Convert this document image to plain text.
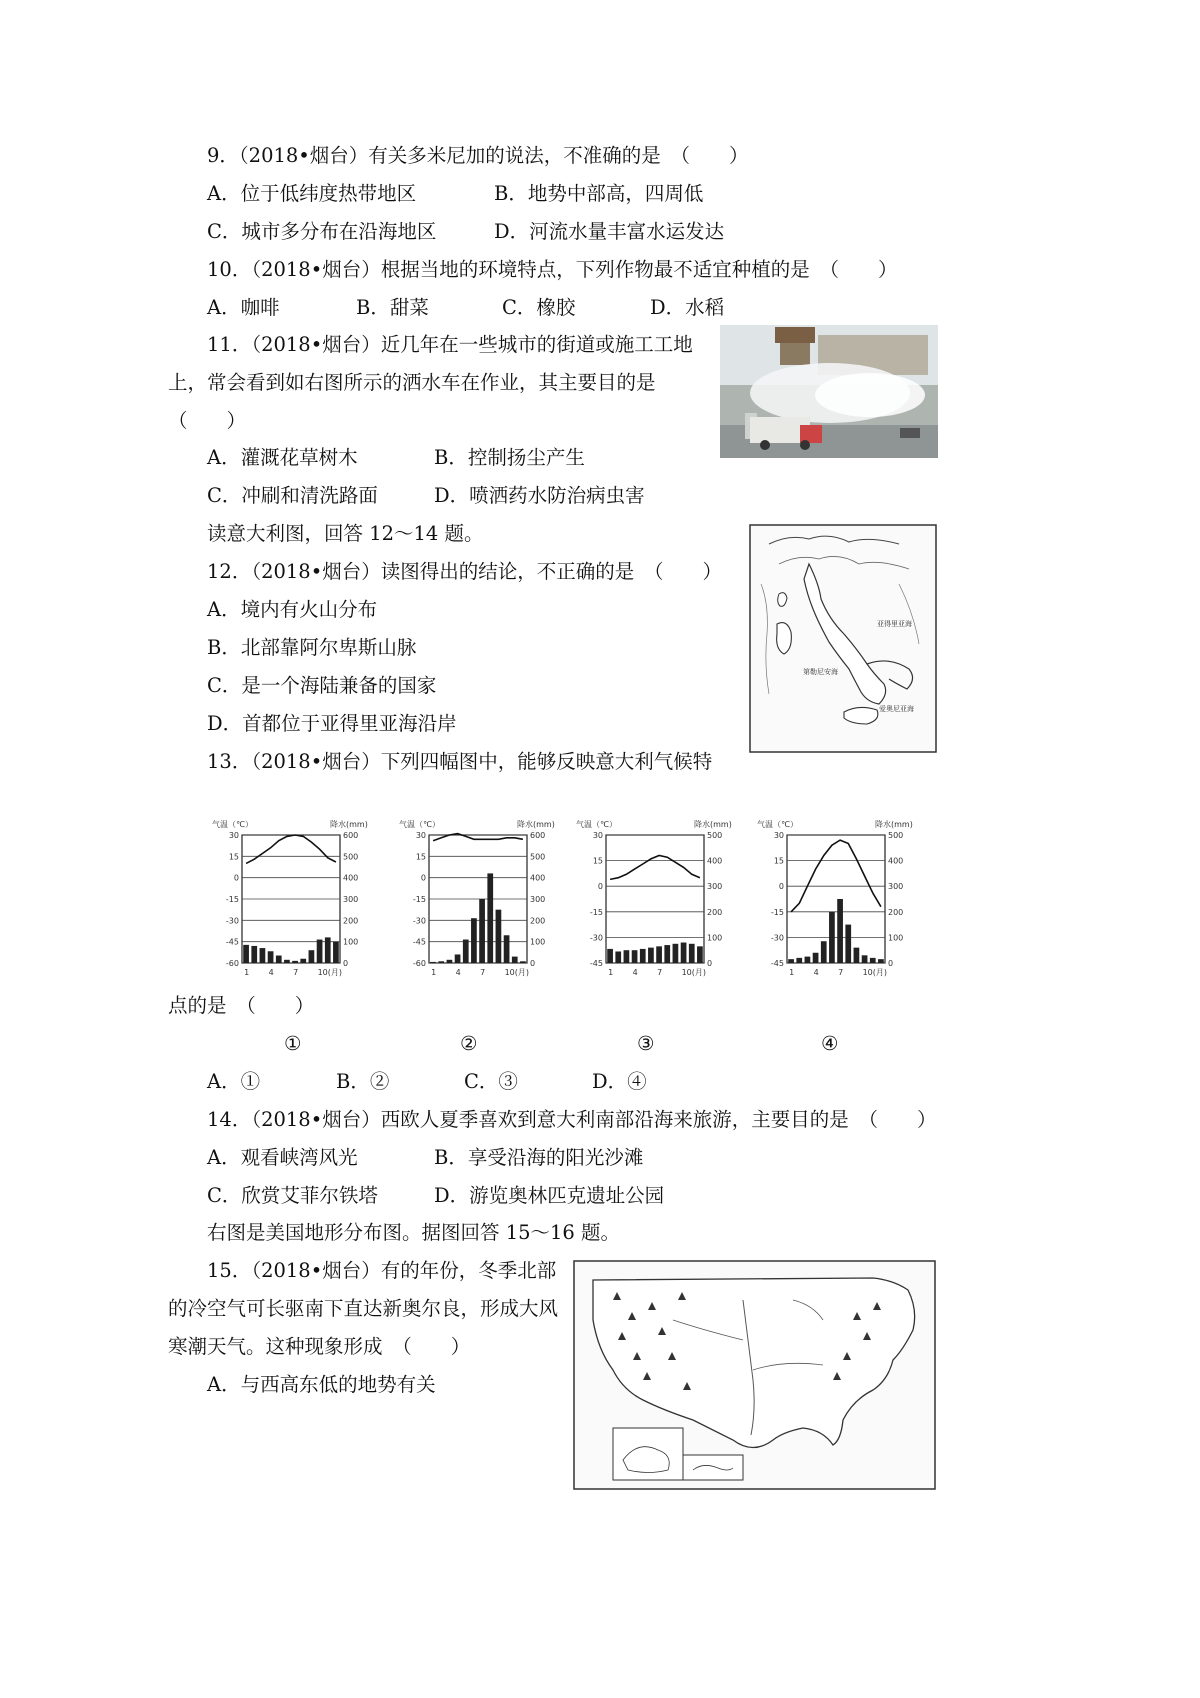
9．（2018•烟台）有关多米尼加的说法，不准确的是　（　　）
A．位于低纬度热带地区	B．地势中部高，四周低
C．城市多分布在沿海地区	D．河流水量丰富水运发达
10．（2018•烟台）根据当地的环境特点，下列作物最不适宜种植的是　（　　）
A．咖啡	B．甜菜	C．橡胶	D．水稻
11．（2018•烟台）近几年在一些城市的街道或施工工地
上，常会看到如右图所示的洒水车在作业，其主要目的是
（　　）
A．灌溉花草树木	B．控制扬尘产生
C．冲刷和清洗路面	D．喷洒药水防治病虫害
读意大利图，回答 12～14 题。
12．（2018•烟台）读图得出的结论，不正确的是　（　　）
A．境内有火山分布
B．北部靠阿尔卑斯山脉
C．是一个海陆兼备的国家
D．首都位于亚得里亚海沿岸
亚得里亚海
第勒尼安海
爱奥尼亚海
13．（2018•烟台）下列四幅图中，能够反映意大利气候特
气温（℃）	降水(mm)
30
15
0
-15
-30
-45
-60
600
500
400
300
200
100
0
1 4 7 10(月)
气温（℃）	降水(mm)
30
15
0
-15
-30
-45
-60
600
500
400
300
200
100
0
1 4 7 10(月)
气温（℃）	降水(mm)
30
15
0
-15
-30
-45
500
400
300
200
100
0
1 4 7 10(月)
气温（℃）	降水(mm)
30
15
0
-15
-30
-45
500
400
300
200
100
0
1 4 7 10(月)
点的是　（　　）
①	②	③	④
A．①	B．②	C．③	D．④
14．（2018•烟台）西欧人夏季喜欢到意大利南部沿海来旅游，主要目的是　（　　）
A．观看峡湾风光	B．享受沿海的阳光沙滩
C．欣赏艾菲尔铁塔	D．游览奥林匹克遗址公园
右图是美国地形分布图。据图回答 15～16 题。
15．（2018•烟台）有的年份，冬季北部
的冷空气可长驱南下直达新奥尔良，形成大风
寒潮天气。这种现象形成　（　　）
A．与西高东低的地势有关
